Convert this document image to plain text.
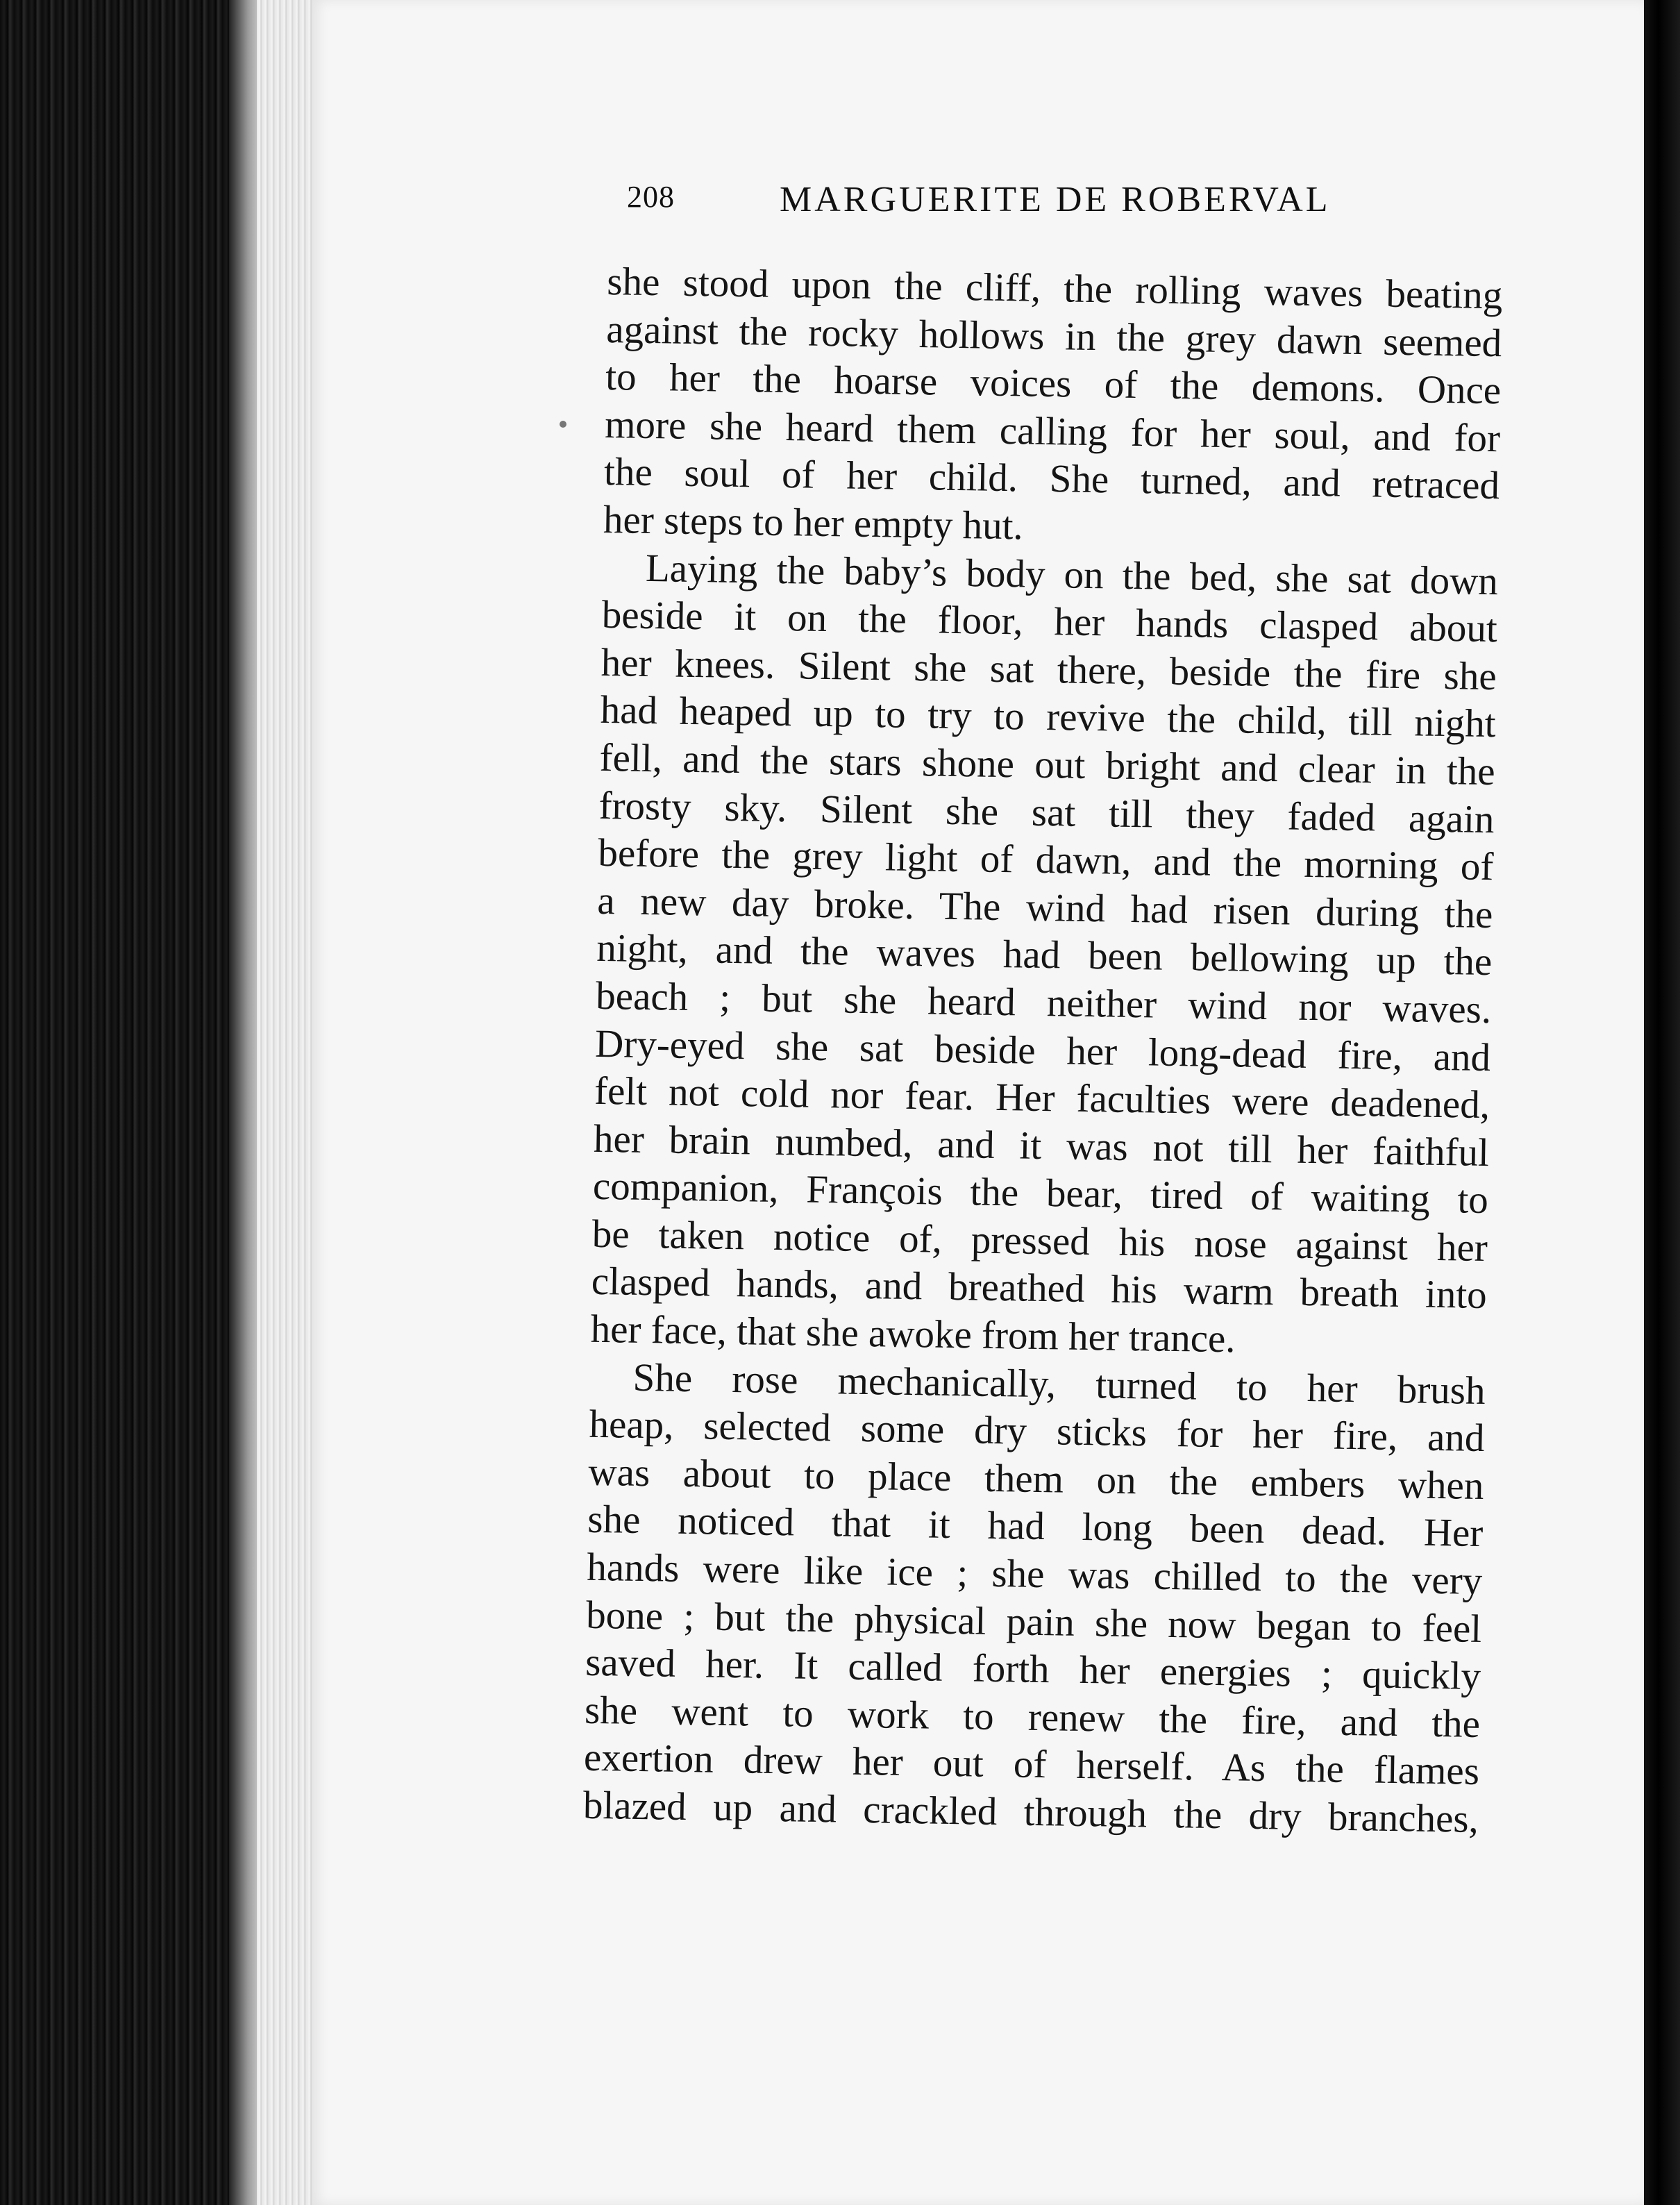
208	MARGUERITE DE ROBERVAL
she stood upon the cliff, the rolling waves beating
against the rocky hollows in the grey dawn seemed
to her the hoarse voices of the demons. Once
more she heard them calling for her soul, and for
the soul of her child. She turned, and retraced
her steps to her empty hut.
Laying the baby’s body on the bed, she sat down
beside it on the floor, her hands clasped about
her knees. Silent she sat there, beside the fire she
had heaped up to try to revive the child, till night
fell, and the stars shone out bright and clear in the
frosty sky. Silent she sat till they faded again
before the grey light of dawn, and the morning of
a new day broke. The wind had risen during the
night, and the waves had been bellowing up the
beach ; but she heard neither wind nor waves.
Dry-eyed she sat beside her long-dead fire, and
felt not cold nor fear. Her faculties were deadened,
her brain numbed, and it was not till her faithful
companion, François the bear, tired of waiting to
be taken notice of, pressed his nose against her
clasped hands, and breathed his warm breath into
her face, that she awoke from her trance.
She rose mechanically, turned to her brush
heap, selected some dry sticks for her fire, and
was about to place them on the embers when
she noticed that it had long been dead. Her
hands were like ice ; she was chilled to the very
bone ; but the physical pain she now began to feel
saved her. It called forth her energies ; quickly
she went to work to renew the fire, and the
exertion drew her out of herself. As the flames
blazed up and crackled through the dry branches,
